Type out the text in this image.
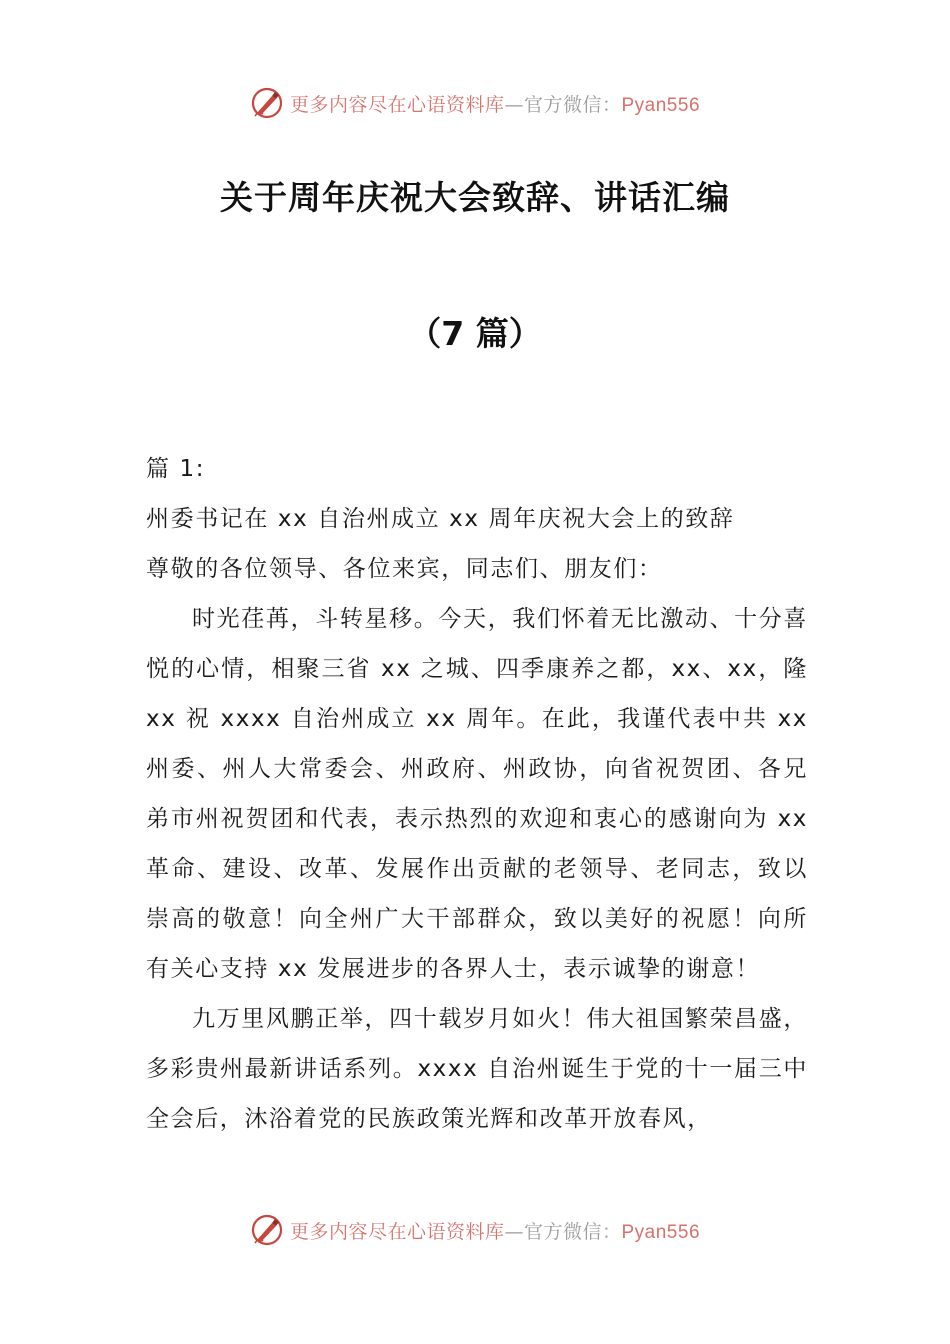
更多内容尽在心语资料库—官方微信：Pyan556
关于周年庆祝大会致辞、讲话汇编
（7 篇）

篇 1:

州委书记在 xx 自治州成立 xx 周年庆祝大会上的致辞

尊敬的各位领导、各位来宾，同志们、朋友们：

时光荏苒，斗转星移。今天，我们怀着无比激动、十分喜悦的心情，相聚三省 xx 之城、四季康养之都，xx、xx，隆 xx 祝 xxxx 自治州成立 xx 周年。在此，我谨代表中共 xx 州委、州人大常委会、州政府、州政协，向省祝贺团、各兄弟市州祝贺团和代表，表示热烈的欢迎和衷心的感谢向为 xx 革命、建设、改革、发展作出贡献的老领导、老同志，致以崇高的敬意！向全州广大干部群众，致以美好的祝愿！向所有关心支持 xx 发展进步的各界人士，表示诚挚的谢意！

九万里风鹏正举，四十载岁月如火！伟大祖国繁荣昌盛，多彩贵州最新讲话系列。xxxx 自治州诞生于党的十一届三中全会后，沐浴着党的民族政策光辉和改革开放春风，

更多内容尽在心语资料库—官方微信：Pyan556
